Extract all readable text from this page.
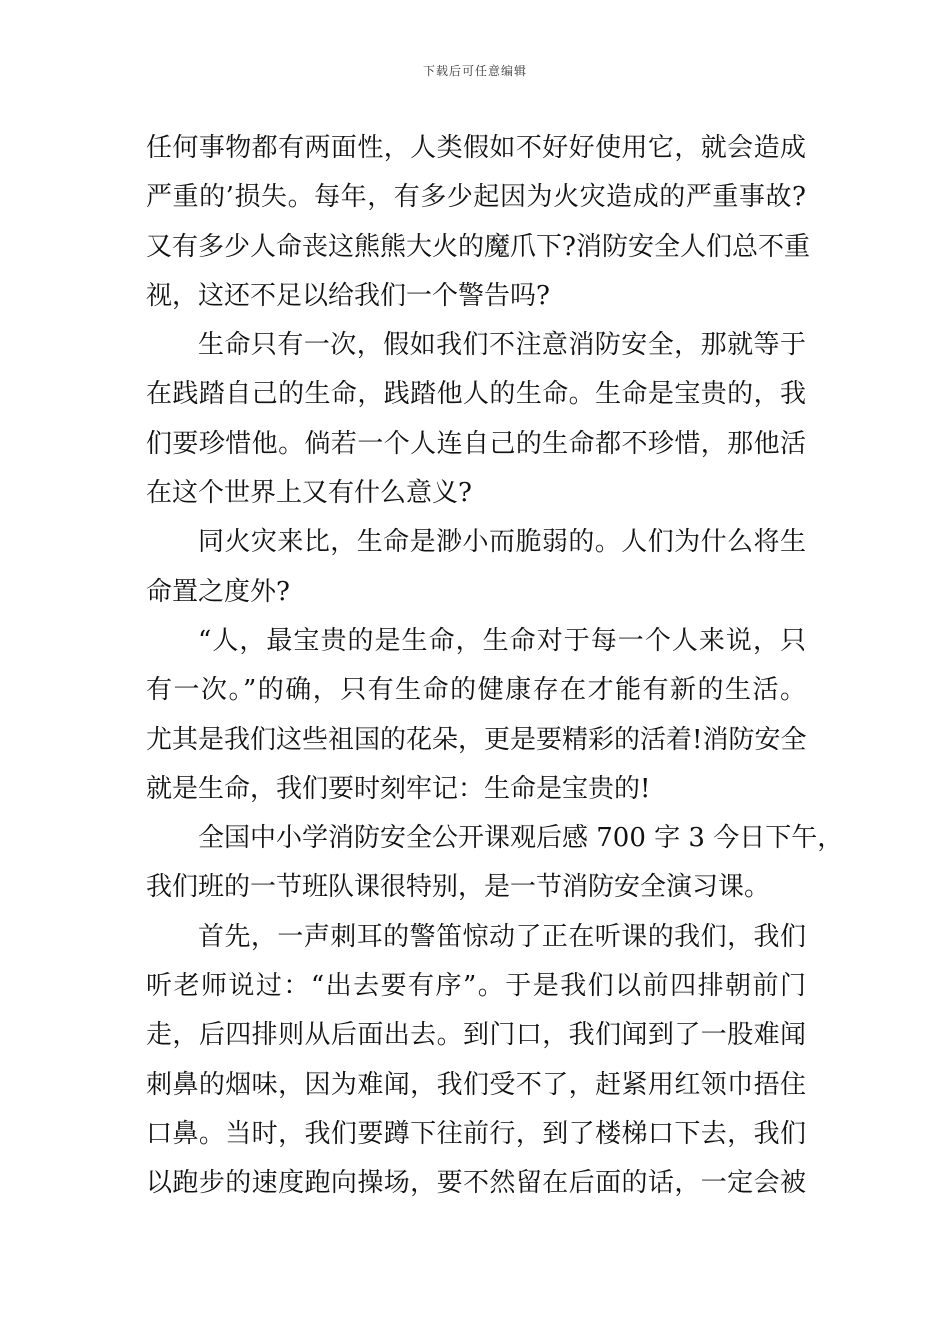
下载后可任意编辑
任何事物都有两面性，人类假如不好好使用它，就会造成
严重的’损失。每年，有多少起因为火灾造成的严重事故?
又有多少人命丧这熊熊大火的魔爪下?消防安全人们总不重
视，这还不足以给我们一个警告吗?
生命只有一次，假如我们不注意消防安全，那就等于
在践踏自己的生命，践踏他人的生命。生命是宝贵的，我
们要珍惜他。倘若一个人连自己的生命都不珍惜，那他活
在这个世界上又有什么意义?
同火灾来比，生命是渺小而脆弱的。人们为什么将生
命置之度外?
“人，最宝贵的是生命，生命对于每一个人来说，只
有一次。”的确，只有生命的健康存在才能有新的生活。
尤其是我们这些祖国的花朵，更是要精彩的活着!消防安全
就是生命，我们要时刻牢记：生命是宝贵的!
全国中小学消防安全公开课观后感 700 字 3 今日下午，
我们班的一节班队课很特别，是一节消防安全演习课。
首先，一声刺耳的警笛惊动了正在听课的我们，我们
听老师说过：“出去要有序”。于是我们以前四排朝前门
走，后四排则从后面出去。到门口，我们闻到了一股难闻
刺鼻的烟味，因为难闻，我们受不了，赶紧用红领巾捂住
口鼻。当时，我们要蹲下往前行，到了楼梯口下去，我们
以跑步的速度跑向操场，要不然留在后面的话，一定会被
